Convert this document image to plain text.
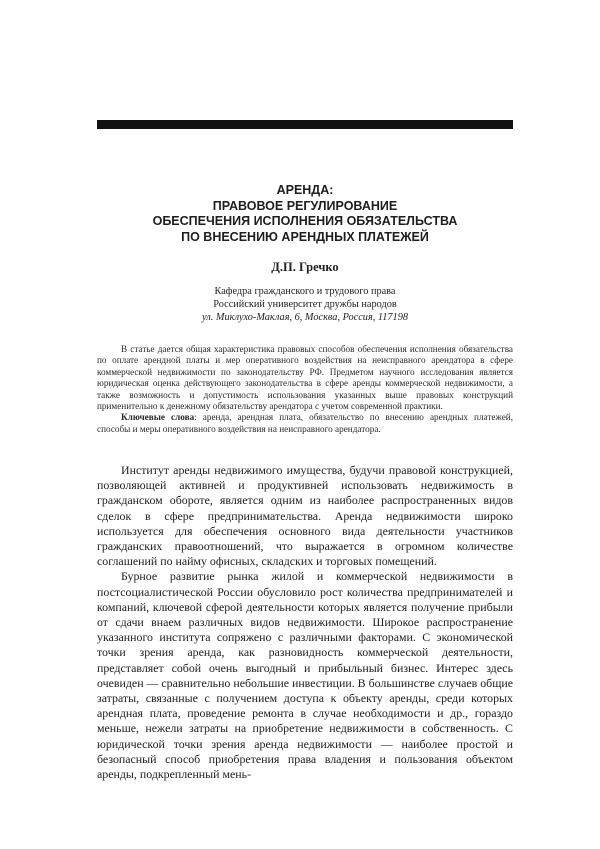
АРЕНДА:
ПРАВОВОЕ РЕГУЛИРОВАНИЕ
ОБЕСПЕЧЕНИЯ ИСПОЛНЕНИЯ ОБЯЗАТЕЛЬСТВА
ПО ВНЕСЕНИЮ АРЕНДНЫХ ПЛАТЕЖЕЙ
Д.П. Гречко
Кафедра гражданского и трудового права
Российский университет дружбы народов
ул. Миклухо-Маклая, 6, Москва, Россия, 117198

В статье дается общая характеристика правовых способов обеспечения исполнения обязательства по оплате арендной платы и мер оперативного воздействия на неисправного арендатора в сфере коммерческой недвижимости по законодательству РФ. Предметом научного исследования является юридическая оценка действующего законодательства в сфере аренды коммерческой недвижимости, а также возможность и допустимость использования указанных выше правовых конструкций применительно к денежному обязательству арендатора с учетом современной практики.

Ключевые слова: аренда, арендная плата, обязательство по внесению арендных платежей, способы и меры оперативного воздействия на неисправного арендатора.

Институт аренды недвижимого имущества, будучи правовой конструкцией, позволяющей активней и продуктивней использовать недвижимость в гражданском обороте, является одним из наиболее распространенных видов сделок в сфере предпринимательства. Аренда недвижимости широко используется для обеспечения основного вида деятельности участников гражданских правоотношений, что выражается в огромном количестве соглашений по найму офисных, складских и торговых помещений.

Бурное развитие рынка жилой и коммерческой недвижимости в постсоциалистической России обусловило рост количества предпринимателей и компаний, ключевой сферой деятельности которых является получение прибыли от сдачи внаем различных видов недвижимости. Широкое распространение указанного института сопряжено с различными факторами. С экономической точки зрения аренда, как разновидность коммерческой деятельности, представляет собой очень выгодный и прибыльный бизнес. Интерес здесь очевиден — сравнительно небольшие инвестиции. В большинстве случаев общие затраты, связанные с получением доступа к объекту аренды, среди которых арендная плата, проведение ремонта в случае необходимости и др., гораздо меньше, нежели затраты на приобретение недвижимости в собственность. С юридической точки зрения аренда недвижимости — наиболее простой и безопасный способ приобретения права владения и пользования объектом аренды, подкрепленный мень-
